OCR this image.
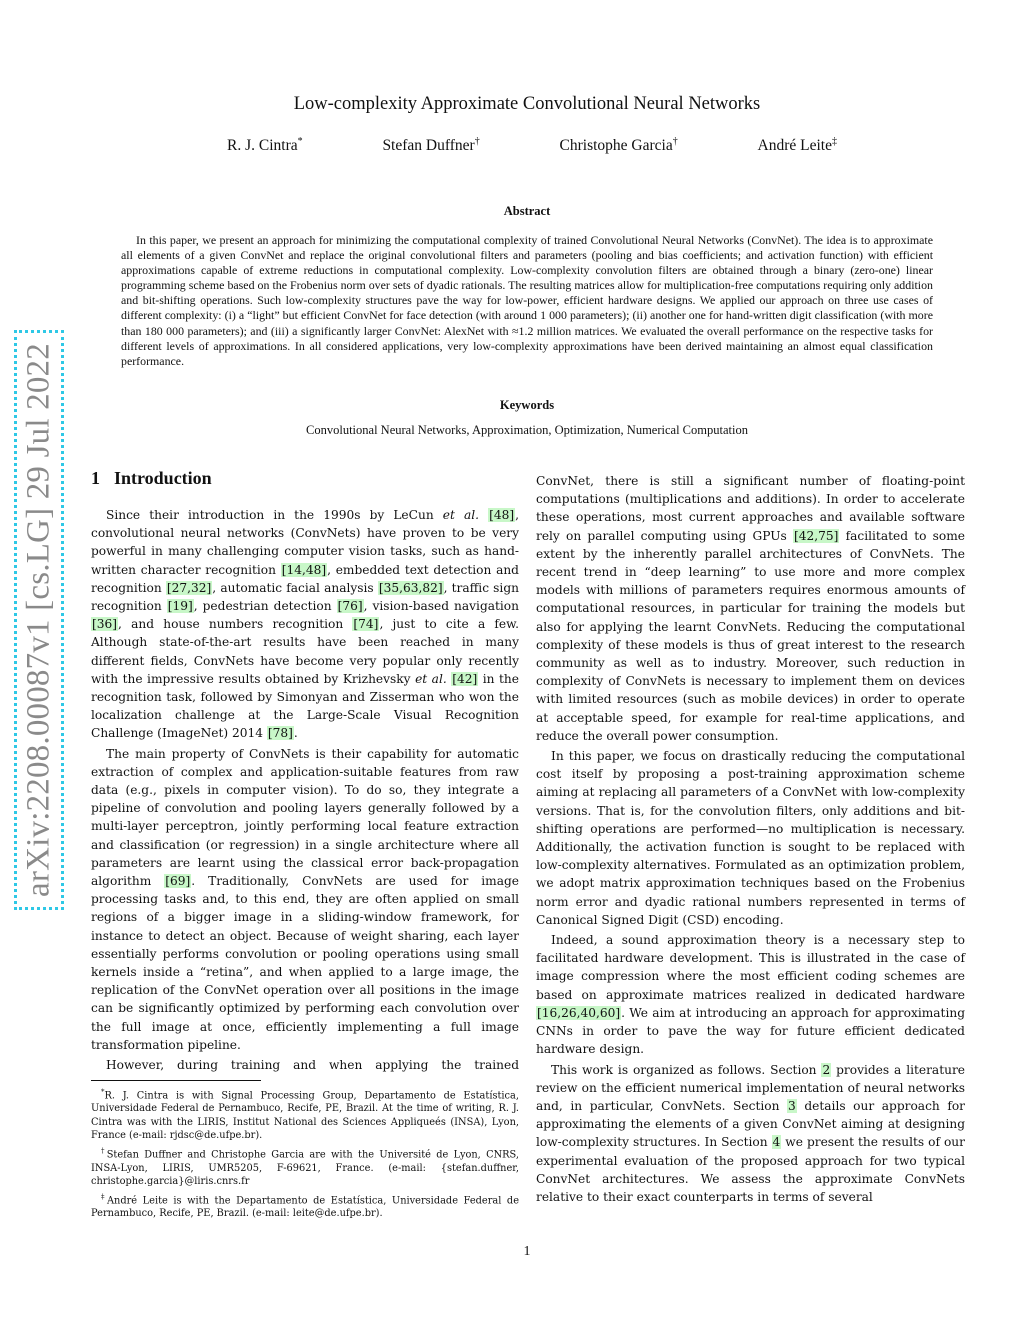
arXiv:2208.00087v1 [cs.LG] 29 Jul 2022
Low-complexity Approximate Convolutional Neural Networks
R. J. Cintra*	Stefan Duffner†	Christophe Garcia†	André Leite‡
Abstract

In this paper, we present an approach for minimizing the computational complexity of trained Convolutional Neural Networks (ConvNet). The idea is to approximate all elements of a given ConvNet and replace the original convolutional filters and parameters (pooling and bias coefficients; and activation function) with efficient approximations capable of extreme reductions in computational complexity. Low-complexity convolution filters are obtained through a binary (zero-one) linear programming scheme based on the Frobenius norm over sets of dyadic rationals. The resulting matrices allow for multiplication-free computations requiring only addition and bit-shifting operations. Such low-complexity structures pave the way for low-power, efficient hardware designs. We applied our approach on three use cases of different complexity: (i) a “light” but efficient ConvNet for face detection (with around 1 000 parameters); (ii) another one for hand-written digit classification (with more than 180 000 parameters); and (iii) a significantly larger ConvNet: AlexNet with ≈1.2 million matrices. We evaluated the overall performance on the respective tasks for different levels of approximations. In all considered applications, very low-complexity approximations have been derived maintaining an almost equal classification performance.

Keywords
Convolutional Neural Networks, Approximation, Optimization, Numerical Computation
1 Introduction

Since their introduction in the 1990s by LeCun et al. [48], convolutional neural networks (ConvNets) have proven to be very powerful in many challenging computer vision tasks, such as hand-written character recognition [14,48], embedded text detection and recognition [27,32], automatic facial analysis [35,63,82], traffic sign recognition [19], pedestrian detection [76], vision-based navigation [36], and house numbers recognition [74], just to cite a few. Although state-of-the-art results have been reached in many different fields, ConvNets have become very popular only recently with the impressive results obtained by Krizhevsky et al. [42] in the recognition task, followed by Simonyan and Zisserman who won the localization challenge at the Large-Scale Visual Recognition Challenge (ImageNet) 2014 [78].

The main property of ConvNets is their capability for automatic extraction of complex and application-suitable features from raw data (e.g., pixels in computer vision). To do so, they integrate a pipeline of convolution and pooling layers generally followed by a multi-layer perceptron, jointly performing local feature extraction and classification (or regression) in a single architecture where all parameters are learnt using the classical error back-propagation algorithm [69]. Traditionally, ConvNets are used for image processing tasks and, to this end, they are often applied on small regions of a bigger image in a sliding-window framework, for instance to detect an object. Because of weight sharing, each layer essentially performs convolution or pooling operations using small kernels inside a “retina”, and when applied to a large image, the replication of the ConvNet operation over all positions in the image can be significantly optimized by performing each convolution over the full image at once, efficiently implementing a full image transformation pipeline.

However, during training and when applying the trained

ConvNet, there is still a significant number of floating-point computations (multiplications and additions). In order to accelerate these operations, most current approaches and available software rely on parallel computing using GPUs [42,75] facilitated to some extent by the inherently parallel architectures of ConvNets. The recent trend in “deep learning” to use more and more complex models with millions of parameters requires enormous amounts of computational resources, in particular for training the models but also for applying the learnt ConvNets. Reducing the computational complexity of these models is thus of great interest to the research community as well as to industry. Moreover, such reduction in complexity of ConvNets is necessary to implement them on devices with limited resources (such as mobile devices) in order to operate at acceptable speed, for example for real-time applications, and reduce the overall power consumption.

In this paper, we focus on drastically reducing the computational cost itself by proposing a post-training approximation scheme aiming at replacing all parameters of a ConvNet with low-complexity versions. That is, for the convolution filters, only additions and bit-shifting operations are performed—no multiplication is necessary. Additionally, the activation function is sought to be replaced with low-complexity alternatives. Formulated as an optimization problem, we adopt matrix approximation techniques based on the Frobenius norm error and dyadic rational numbers represented in terms of Canonical Signed Digit (CSD) encoding.

Indeed, a sound approximation theory is a necessary step to facilitated hardware development. This is illustrated in the case of image compression where the most efficient coding schemes are based on approximate matrices realized in dedicated hardware [16,26,40,60]. We aim at introducing an approach for approximating CNNs in order to pave the way for future efficient dedicated hardware design.

This work is organized as follows. Section 2 provides a literature review on the efficient numerical implementation of neural networks and, in particular, ConvNets. Section 3 details our approach for approximating the elements of a given ConvNet aiming at designing low-complexity structures. In Section 4 we present the results of our experimental evaluation of the proposed approach for two typical ConvNet architectures. We assess the approximate ConvNets relative to their exact counterparts in terms of several

*R. J. Cintra is with Signal Processing Group, Departamento de Estatística, Universidade Federal de Pernambuco, Recife, PE, Brazil. At the time of writing, R. J. Cintra was with the LIRIS, Institut National des Sciences Appliqueés (INSA), Lyon, France (e-mail: rjdsc@de.ufpe.br).

†Stefan Duffner and Christophe Garcia are with the Université de Lyon, CNRS, INSA-Lyon, LIRIS, UMR5205, F-69621, France. (e-mail: {stefan.duffner, christophe.garcia}@liris.cnrs.fr

‡André Leite is with the Departamento de Estatística, Universidade Federal de Pernambuco, Recife, PE, Brazil. (e-mail: leite@de.ufpe.br).

1
